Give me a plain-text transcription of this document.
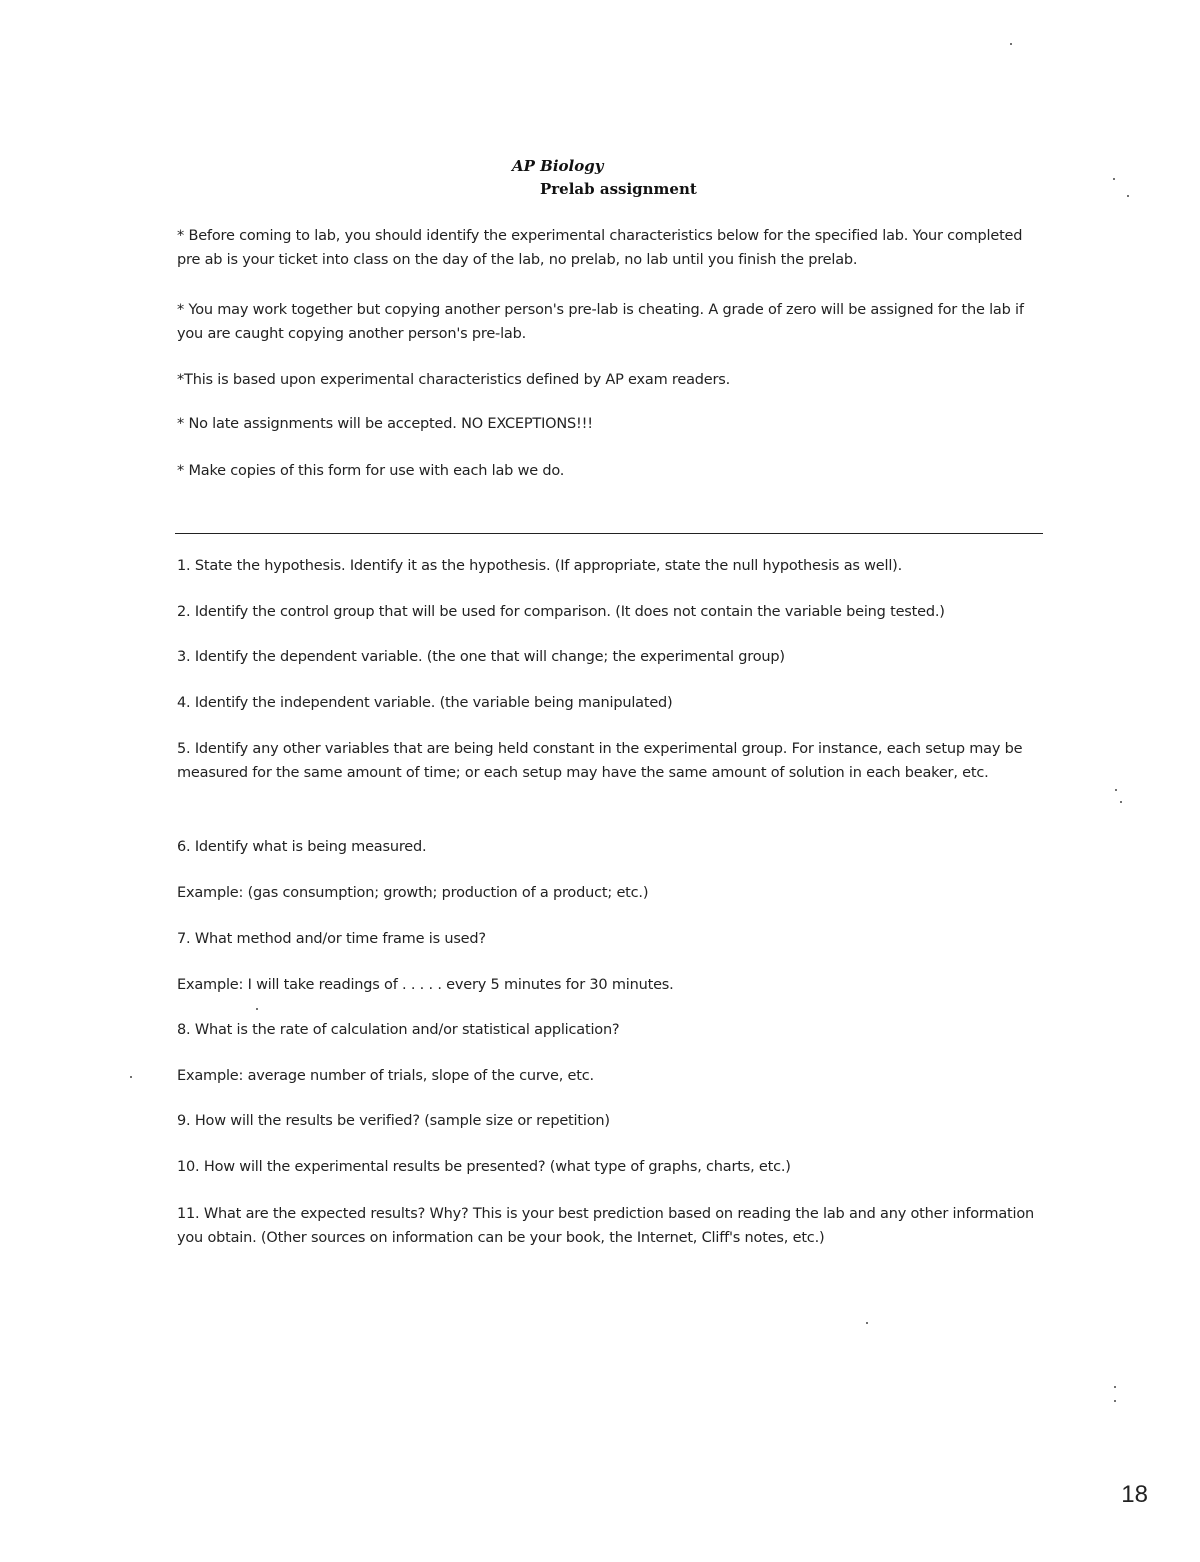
AP Biology
Prelab assignment
* Before coming to lab, you should identify the experimental characteristics below for the specified lab. Your completed pre ab is your ticket into class on the day of the lab, no prelab, no lab until you finish the prelab.
* You may work together but copying another person's pre-lab is cheating. A grade of zero will be assigned for the lab if you are caught copying another person's pre-lab.
*This is based upon experimental characteristics defined by AP exam readers.
* No late assignments will be accepted. NO EXCEPTIONS!!!
* Make copies of this form for use with each lab we do.
1. State the hypothesis. Identify it as the hypothesis. (If appropriate, state the null hypothesis as well).
2. Identify the control group that will be used for comparison. (It does not contain the variable being tested.)
3. Identify the dependent variable. (the one that will change; the experimental group)
4. Identify the independent variable. (the variable being manipulated)
5. Identify any other variables that are being held constant in the experimental group. For instance, each setup may be measured for the same amount of time; or each setup may have the same amount of solution in each beaker, etc.
6. Identify what is being measured.
Example: (gas consumption; growth; production of a product; etc.)
7. What method and/or time frame is used?
Example: I will take readings of . . . . . every 5 minutes for 30 minutes.
8. What is the rate of calculation and/or statistical application?
Example: average number of trials, slope of the curve, etc.
9. How will the results be verified? (sample size or repetition)
10. How will the experimental results be presented? (what type of graphs, charts, etc.)
11. What are the expected results? Why? This is your best prediction based on reading the lab and any other information you obtain. (Other sources on information can be your book, the Internet, Cliff's notes, etc.)
18
